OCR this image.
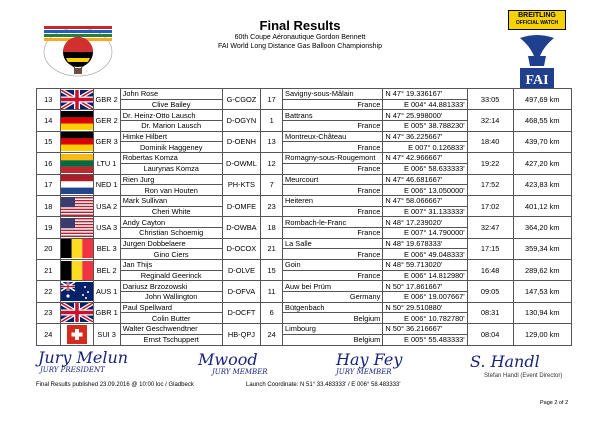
Final Results
60th Coupe Aéronautique Gordon Bennett
FAI World Long Distance Gas Balloon Championship
BREITLING
OFFICIAL WATCH
FAI
13		GBR 2	John Rose	G-CGOZ	17	Savigny-sous-Mâlain	N 47° 19.336167'	33:05	497,69 km
			Clive Bailey			France	E 004° 44.881333'		
14		GER 2	Dr. Heinz-Otto Lausch	D-OGYN	1	Battrans	N 47° 25.998000'	32:14	468,55 km
			Dr. Marion Lausch			France	E 005° 38.788230'		
15		GER 3	Himke Hilbert	D-OENH	13	Montreux-Château	N 47° 36.225667'	18:40	439,70 km
			Dominik Haggeney			France	E 007° 0.126833'		
16		LTU 1	Robertas Komza	D-OWML	12	Romagny-sous-Rougemont	N 47° 42.966667'	19:22	427,20 km
			Laurynas Komza			France	E 006° 58.633333'		
17		NED 1	Rien Jurg	PH-KTS	7	Meurcourt	N 47° 46.681667'	17:52	423,83 km
			Ron van Houten			France	E 006° 13.050000'		
18		USA 2	Mark Sullivan	D-OMFE	23	Heiteren	N 47° 58.066667'	17:02	401,12 km
			Cheri White			France	E 007° 31.133333'		
19		USA 3	Andy Cayton	D-OWBA	18	Rombach-le-Franc	N 48° 17.239020'	32:47	364,20 km
			Christian Schoemig			France	E 007° 14.790000'		
20		BEL 3	Jurgen Dobbelaere	D-OCOX	21	La Salle	N 48° 19.678333'	17:15	359,34 km
			Gino Ciers			France	E 006° 49.048333'		
21		BEL 2	Jan Thijs	D-OLVE	15	Goin	N 48° 59.713020'	16:48	289,62 km
			Reginald Geerinck			France	E 006° 14.812980'		
22		AUS 1	Dariusz Brzozowski	D-OFVA	11	Auw bei Prüm	N 50° 17.861667'	09:05	147,53 km
			John Wallington			Germany	E 006° 19.007667'		
23		GBR 1	Paul Spellward	D-OCFT	6	Bütgenbach	N 50° 29.510880'	08:31	130,94 km
			Colin Butter			Belgium	E 006° 10.782780'		
24		SUI 3	Walter Geschwendtner	HB-QPJ	24	Limbourg	N 50° 36.216667'	08:04	129,00 km
			Ernst Tschuppert			Belgium	E 005° 55.483333'		
Jury Melun
JURY PRESIDENT
Mwood
JURY MEMBER
Hay Fey
JURY MEMBER
S. Handl
Stefan Handl (Event Director)
Final Results published 23.09.2016 @ 10:00 loc / Gladbeck	Launch Coordinate: N 51° 33.483333' / E 006° 58.483333'
Page 2 of 2
